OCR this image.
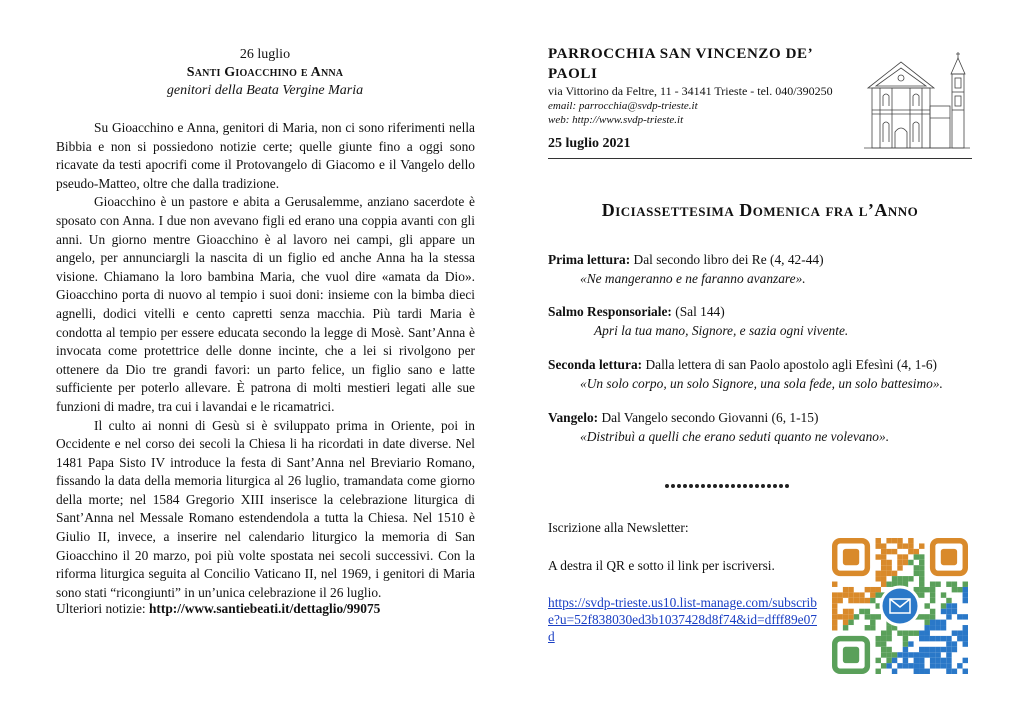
26 luglio
Santi Gioacchino e Anna
genitori della Beata Vergine Maria

Su Gioacchino e Anna, genitori di Maria, non ci sono riferimenti nella Bibbia e non si possiedono notizie certe; quelle giunte fino a oggi sono ricavate da testi apocrifi come il Protovangelo di Giacomo e il Vangelo dello pseudo-Matteo, oltre che dalla tradizione.

Gioacchino è un pastore e abita a Gerusalemme, anziano sacerdote è sposato con Anna. I due non avevano figli ed erano una coppia avanti con gli anni. Un giorno mentre Gioacchino è al lavoro nei campi, gli appare un angelo, per annunciargli la nascita di un figlio ed anche Anna ha la stessa visione. Chiamano la loro bambina Maria, che vuol dire «amata da Dio». Gioacchino porta di nuovo al tempio i suoi doni: insieme con la bimba dieci agnelli, dodici vitelli e cento capretti senza macchia. Più tardi Maria è condotta al tempio per essere educata secondo la legge di Mosè. Sant’Anna è invocata come protettrice delle donne incinte, che a lei si rivolgono per ottenere da Dio tre grandi favori: un parto felice, un figlio sano e latte sufficiente per poterlo allevare. È patrona di molti mestieri legati alle sue funzioni di madre, tra cui i lavandai e le ricamatrici.

Il culto ai nonni di Gesù si è sviluppato prima in Oriente, poi in Occidente e nel corso dei secoli la Chiesa li ha ricordati in date diverse. Nel 1481 Papa Sisto IV introduce la festa di Sant’Anna nel Breviario Romano, fissando la data della memoria liturgica al 26 luglio, tramandata come giorno della morte; nel 1584 Gregorio XIII inserisce la celebrazione liturgica di Sant’Anna nel Messale Romano estendendola a tutta la Chiesa. Nel 1510 è Giulio II, invece, a inserire nel calendario liturgico la memoria di San Gioacchino il 20 marzo, poi più volte spostata nei secoli successivi. Con la riforma liturgica seguita al Concilio Vaticano II, nel 1969, i genitori di Maria sono stati “ricongiunti” in un’unica celebrazione il 26 luglio.

Ulteriori notizie: http://www.santiebeati.it/dettaglio/99075
PARROCCHIA SAN VINCENZO DE’ PAOLI
via Vittorino da Feltre, 11 - 34141 Trieste - tel. 040/390250
email: parrocchia@svdp-trieste.it
web: http://www.svdp-trieste.it
25 luglio 2021
Diciassettesima Domenica fra l’Anno
Prima lettura: Dal secondo libro dei Re (4, 42-44)
«Ne mangeranno e ne faranno avanzare».
Salmo Responsoriale: (Sal 144)
Apri la tua mano, Signore, e sazia ogni vivente.
Seconda lettura: Dalla lettera di san Paolo apostolo agli Efesìni (4, 1-6)
«Un solo corpo, un solo Signore, una sola fede, un solo battesimo».
Vangelo: Dal Vangelo secondo Giovanni (6, 1-15)
«Distribuì a quelli che erano seduti quanto ne volevano».
Iscrizione alla Newsletter:
A destra il QR e sotto il link per iscriversi.
https://svdp-trieste.us10.list-manage.com/subscribe?u=52f838030ed3b1037428d8f74&id=dfff89e07d
